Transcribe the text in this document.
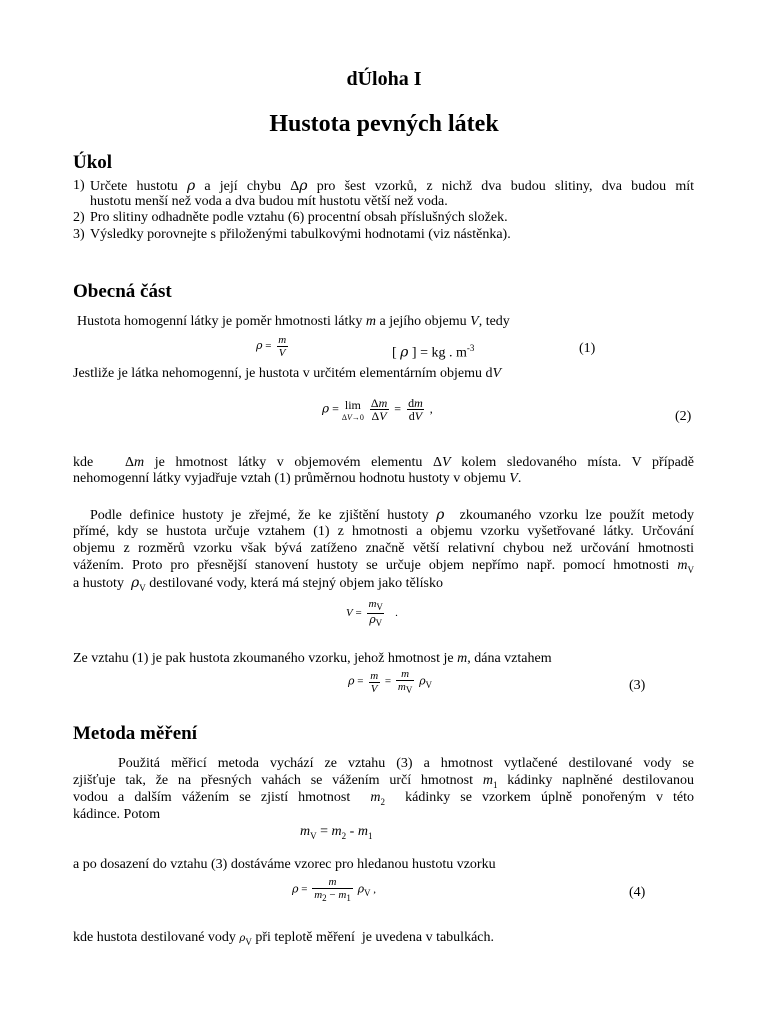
dÚloha I
Hustota pevných látek
Úkol
1) Určete hustotu ρ a její chybu Δρ pro šest vzorků, z nichž dva budou slitiny, dva budou mít
hustotu menší než voda a dva budou mít hustotu větší než voda.
2) Pro slitiny odhadněte podle vztahu (6) procentní obsah příslušných složek.
3) Výsledky porovnejte s přiloženými tabulkovými hodnotami (viz nástěnka).
Obecná část
Hustota homogenní látky je poměr hmotnosti látky m a jejího objemu V, tedy
$\rho = \frac{m}{V}$	[ ρ ] = kg . $m^{-3}$	(1)
Jestliže je látka nehomogenní, je hustota v určitém elementárním objemu dV
ρ = lim
ΔV→0
$\frac{\Delta m}{\Delta V} = \frac{dm}{dV}$ ,
(2)
kde   Δm je hmotnost látky v objemovém elementu ΔV kolem sledovaného místa. V případě
nehomogenní látky vyjadřuje vztah (1) průměrnou hodnotu hustoty v objemu V.
Podle definice hustoty je zřejmé, že ke zjištění hustoty ρ  zkoumaného vzorku lze použít metody
přímé, kdy se hustota určuje vztahem (1) z hmotnosti a objemu vzorku vyšetřované látky. Určování
objemu z rozměrů vzorku však bývá zatíženo značně větší relativní chybou než určování hmotnosti
vážením. Proto pro přesnější stanovení hustoty se určuje objem nepřímo např. pomocí hmotnosti $m_V$
a hustoty  $\rho_V$ destilované vody, která má stejný objem jako tělísko
$V = \frac{m_V}{\rho_V}$ .
Ze vztahu (1) je pak hustota zkoumaného vzorku, jehož hmotnost je m, dána vztahem
$\rho = \frac{m}{V} = \frac{m}{m_V} \rho_V$	(3)
Metoda měření
Použitá měřicí metoda vychází ze vztahu (3) a hmotnost vytlačené destilované vody se
zjišťuje tak, že na přesných vahách se vážením určí hmotnost $m_1$ kádinky naplněné destilovanou
vodou a dalším vážením se zjistí hmotnost  $m_2$  kádinky se vzorkem úplně ponořeným v této
kádince. Potom
$m_V = m_2 - m_1$
a po dosazení do vztahu (3) dostáváme vzorec pro hledanou hustotu vzorku
$\rho = \frac{m}{m_2 - m_1} \rho_V$ ,	(4)
kde hustota destilované vody $\rho_V$ při teplotě měření  je uvedena v tabulkách.
